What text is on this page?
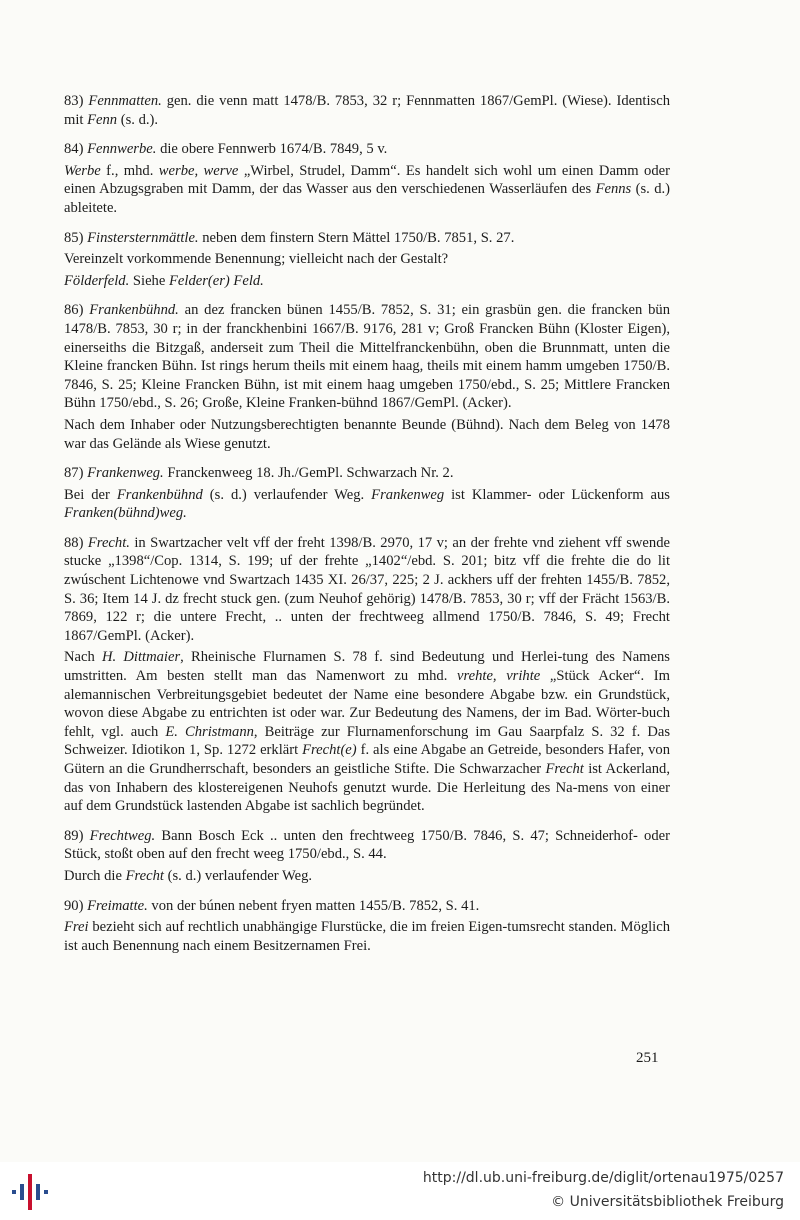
83) Fennmatten. gen. die venn matt 1478/B. 7853, 32 r; Fennmatten 1867/GemPl. (Wiese). Identisch mit Fenn (s. d.).

84) Fennwerbe. die obere Fennwerb 1674/B. 7849, 5 v.

Werbe f., mhd. werbe, werve „Wirbel, Strudel, Damm“. Es handelt sich wohl um einen Damm oder einen Abzugsgraben mit Damm, der das Wasser aus den verschiedenen Wasserläufen des Fenns (s. d.) ableitete.

85) Finstersternmättle. neben dem finstern Stern Mättel 1750/B. 7851, S. 27.

Vereinzelt vorkommende Benennung; vielleicht nach der Gestalt?

Földerfeld. Siehe Felder(er) Feld.

86) Frankenbühnd. an dez francken bünen 1455/B. 7852, S. 31; ein grasbün gen. die francken bün 1478/B. 7853, 30 r; in der franckhenbini 1667/B. 9176, 281 v; Groß Francken Bühn (Kloster Eigen), einerseiths die Bitzgaß, anderseit zum Theil die Mittelfranckenbühn, oben die Brunnmatt, unten die Kleine francken Bühn. Ist rings herum theils mit einem haag, theils mit einem hamm umgeben 1750/B. 7846, S. 25; Kleine Francken Bühn, ist mit einem haag umgeben 1750/ebd., S. 25; Mittlere Francken Bühn 1750/ebd., S. 26; Große, Kleine Franken-bühnd 1867/GemPl. (Acker).

Nach dem Inhaber oder Nutzungsberechtigten benannte Beunde (Bühnd). Nach dem Beleg von 1478 war das Gelände als Wiese genutzt.

87) Frankenweg. Franckenweeg 18. Jh./GemPl. Schwarzach Nr. 2.

Bei der Frankenbühnd (s. d.) verlaufender Weg. Frankenweg ist Klammer- oder Lückenform aus Franken(bühnd)weg.

88) Frecht. in Swartzacher velt vff der freht 1398/B. 2970, 17 v; an der frehte vnd ziehent vff swende stucke „1398“/Cop. 1314, S. 199; uf der frehte „1402“/ebd. S. 201; bitz vff die frehte die do lit zwúschent Lichtenowe vnd Swartzach 1435 XI. 26/37, 225; 2 J. ackhers uff der frehten 1455/B. 7852, S. 36; Item 14 J. dz frecht stuck gen. (zum Neuhof gehörig) 1478/B. 7853, 30 r; vff der Frächt 1563/B. 7869, 122 r; die untere Frecht, .. unten der frechtweeg allmend 1750/B. 7846, S. 49; Frecht 1867/GemPl. (Acker).

Nach H. Dittmaier, Rheinische Flurnamen S. 78 f. sind Bedeutung und Herlei-tung des Namens umstritten. Am besten stellt man das Namenwort zu mhd. vrehte, vrihte „Stück Acker“. Im alemannischen Verbreitungsgebiet bedeutet der Name eine besondere Abgabe bzw. ein Grundstück, wovon diese Abgabe zu entrichten ist oder war. Zur Bedeutung des Namens, der im Bad. Wörter-buch fehlt, vgl. auch E. Christmann, Beiträge zur Flurnamenforschung im Gau Saarpfalz S. 32 f. Das Schweizer. Idiotikon 1, Sp. 1272 erklärt Frecht(e) f. als eine Abgabe an Getreide, besonders Hafer, von Gütern an die Grundherrschaft, besonders an geistliche Stifte. Die Schwarzacher Frecht ist Ackerland, das von Inhabern des klostereigenen Neuhofs genutzt wurde. Die Herleitung des Na-mens von einer auf dem Grundstück lastenden Abgabe ist sachlich begründet.

89) Frechtweg. Bann Bosch Eck .. unten den frechtweeg 1750/B. 7846, S. 47; Schneiderhof- oder Stück, stoßt oben auf den frecht weeg 1750/ebd., S. 44.

Durch die Frecht (s. d.) verlaufender Weg.

90) Freimatte. von der búnen nebent fryen matten 1455/B. 7852, S. 41.

Frei bezieht sich auf rechtlich unabhängige Flurstücke, die im freien Eigen-tumsrecht standen. Möglich ist auch Benennung nach einem Besitzernamen Frei.

251
http://dl.ub.uni-freiburg.de/diglit/ortenau1975/0257
© Universitätsbibliothek Freiburg
